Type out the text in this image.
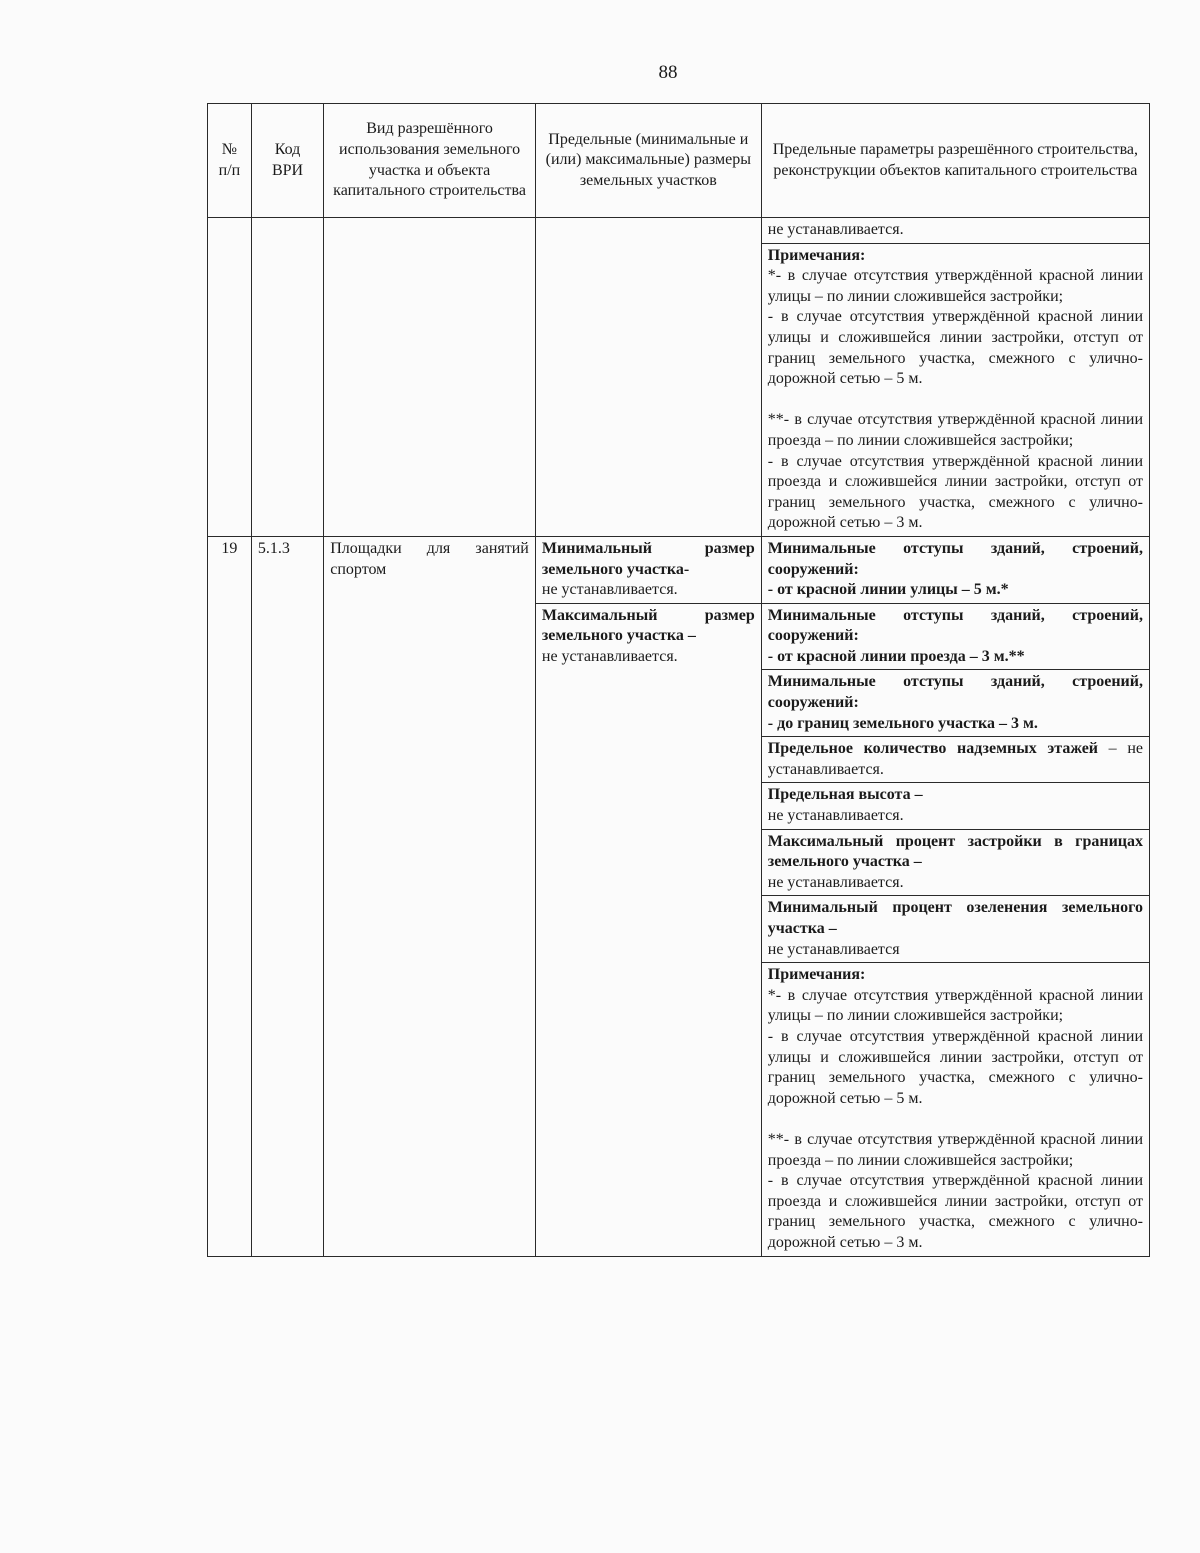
88
№ п/п	Код ВРИ	Вид разрешённого использования земельного участка и объекта капитального строительства	Предельные (минимальные и (или) максимальные) размеры земельных участков	Предельные параметры разрешённого строительства, реконструкции объектов капитального строительства

				не устанавливается.

				Примечания:
*- в случае отсутствия утверждённой красной линии улицы – по линии сложившейся застройки;
- в случае отсутствия утверждённой красной линии улицы и сложившейся линии застройки, отступ от границ земельного участка, смежного с улично-дорожной сетью – 5 м.
**- в случае отсутствия утверждённой красной линии проезда – по линии сложившейся застройки;
- в случае отсутствия утверждённой красной линии проезда и сложившейся линии застройки, отступ от границ земельного участка, смежного с улично-дорожной сетью – 3 м.

19	5.1.3	Площадки для занятий спортом	Минимальный размер земельного участка-
не устанавливается.	Минимальные отступы зданий, строений, сооружений:
- от красной линии улицы – 5 м.*

			Максимальный размер земельного участка –
не устанавливается.	Минимальные отступы зданий, строений, сооружений:
- от красной линии проезда – 3 м.**

				Минимальные отступы зданий, строений, сооружений:
- до границ земельного участка – 3 м.

				Предельное количество надземных этажей – не устанавливается.

				Предельная высота –
не устанавливается.

				Максимальный процент застройки в границах земельного участка –
не устанавливается.

				Минимальный процент озеленения земельного участка –
не устанавливается

				Примечания:
*- в случае отсутствия утверждённой красной линии улицы – по линии сложившейся застройки;
- в случае отсутствия утверждённой красной линии улицы и сложившейся линии застройки, отступ от границ земельного участка, смежного с улично-дорожной сетью – 5 м.
**- в случае отсутствия утверждённой красной линии проезда – по линии сложившейся застройки;
- в случае отсутствия утверждённой красной линии проезда и сложившейся линии застройки, отступ от границ земельного участка, смежного с улично-дорожной сетью – 3 м.
